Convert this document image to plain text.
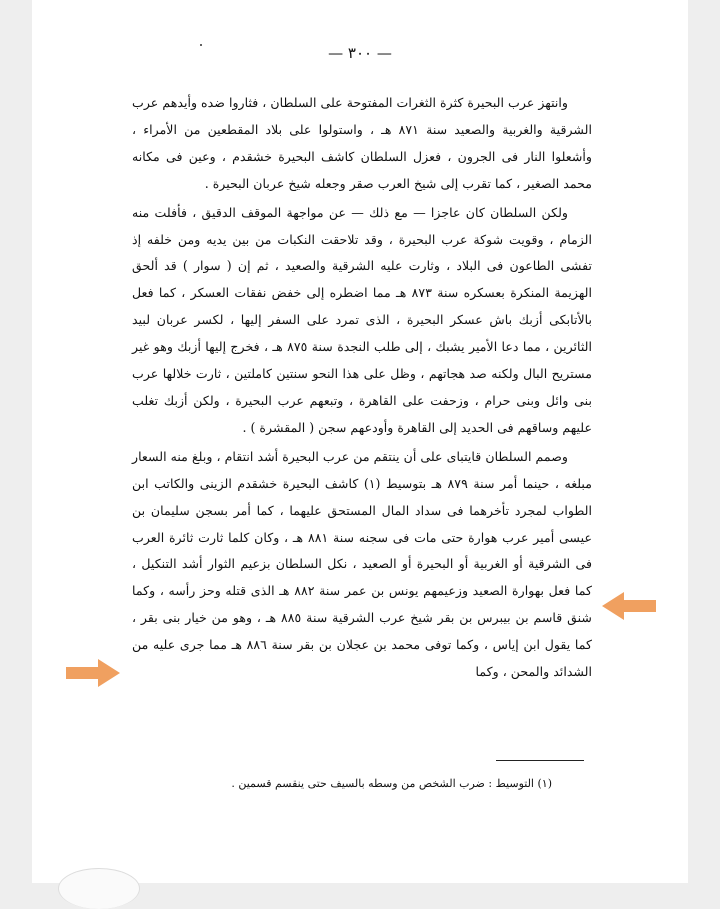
— ٣٠٠ —

وانتهز عرب البحيرة كثرة الثغرات المفتوحة على السلطان ، فثاروا ضده وأيدهم عرب الشرقية والغربية والصعيد سنة ٨٧١ هـ ، واستولوا على بلاد المقطعين من الأمراء ، وأشعلوا النار فى الجرون ، فعزل السلطان كاشف البحيرة خشقدم ، وعين فى مكانه محمد الصغير ، كما تقرب إلى شيخ العرب صقر وجعله شيخ عربان البحيرة .

ولكن السلطان كان عاجزا — مع ذلك — عن مواجهة الموقف الدقيق ، فأفلت منه الزمام ، وقويت شوكة عرب البحيرة ، وقد تلاحقت النكبات من بين يديه ومن خلفه إذ تفشى الطاعون فى البلاد ، وثارت عليه الشرقية والصعيد ، ثم إن ( سوار ) قد ألحق الهزيمة المنكرة بعسكره سنة ٨٧٣ هـ مما اضطره إلى خفض نفقات العسكر ، كما فعل بالأتابكى أزبك باش عسكر البحيرة ، الذى تمرد على السفر إليها ، لكسر عربان لبيد الثائرين ، مما دعا الأمير يشبك ، إلى طلب النجدة سنة ٨٧٥ هـ ، فخرج إليها أزبك وهو غير مستريح البال ولكنه صد هجاتهم ، وظل على هذا النحو سنتين كاملتين ، ثارت خلالها عرب بنى وائل وبنى حرام ، وزحفت على القاهرة ، وتبعهم عرب البحيرة ، ولكن أزبك تغلب عليهم وساقهم فى الحديد إلى القاهرة وأودعهم سجن ( المقشرة ) .

وصمم السلطان قايتباى على أن ينتقم من عرب البحيرة أشد انتقام ، وبلغ منه السعار مبلغه ، حينما أمر سنة ٨٧٩ هـ بتوسيط (١) كاشف البحيرة خشقدم الزينى والكاتب ابن الطواب لمجرد تأخرهما فى سداد المال المستحق عليهما ، كما أمر بسجن سليمان بن عيسى أمير عرب هوارة حتى مات فى سجنه سنة ٨٨١ هـ ، وكان كلما ثارت ثائرة العرب فى الشرقية أو الغربية أو البحيرة أو الصعيد ، نكل السلطان بزعيم الثوار أشد التنكيل ، كما فعل بهوارة الصعيد وزعيمهم يونس بن عمر سنة ٨٨٢ هـ الذى قتله وحز رأسه ، وكما شنق قاسم بن بيبرس بن بقر شيخ عرب الشرقية سنة ٨٨٥ هـ ، وهو من خيار بنى بقر ، كما يقول ابن إياس ، وكما توفى محمد بن عجلان بن بقر سنة ٨٨٦ هـ مما جرى عليه من الشدائد والمحن ، وكما

(١) التوسيط : ضرب الشخص من وسطه بالسيف حتى ينقسم قسمين .
